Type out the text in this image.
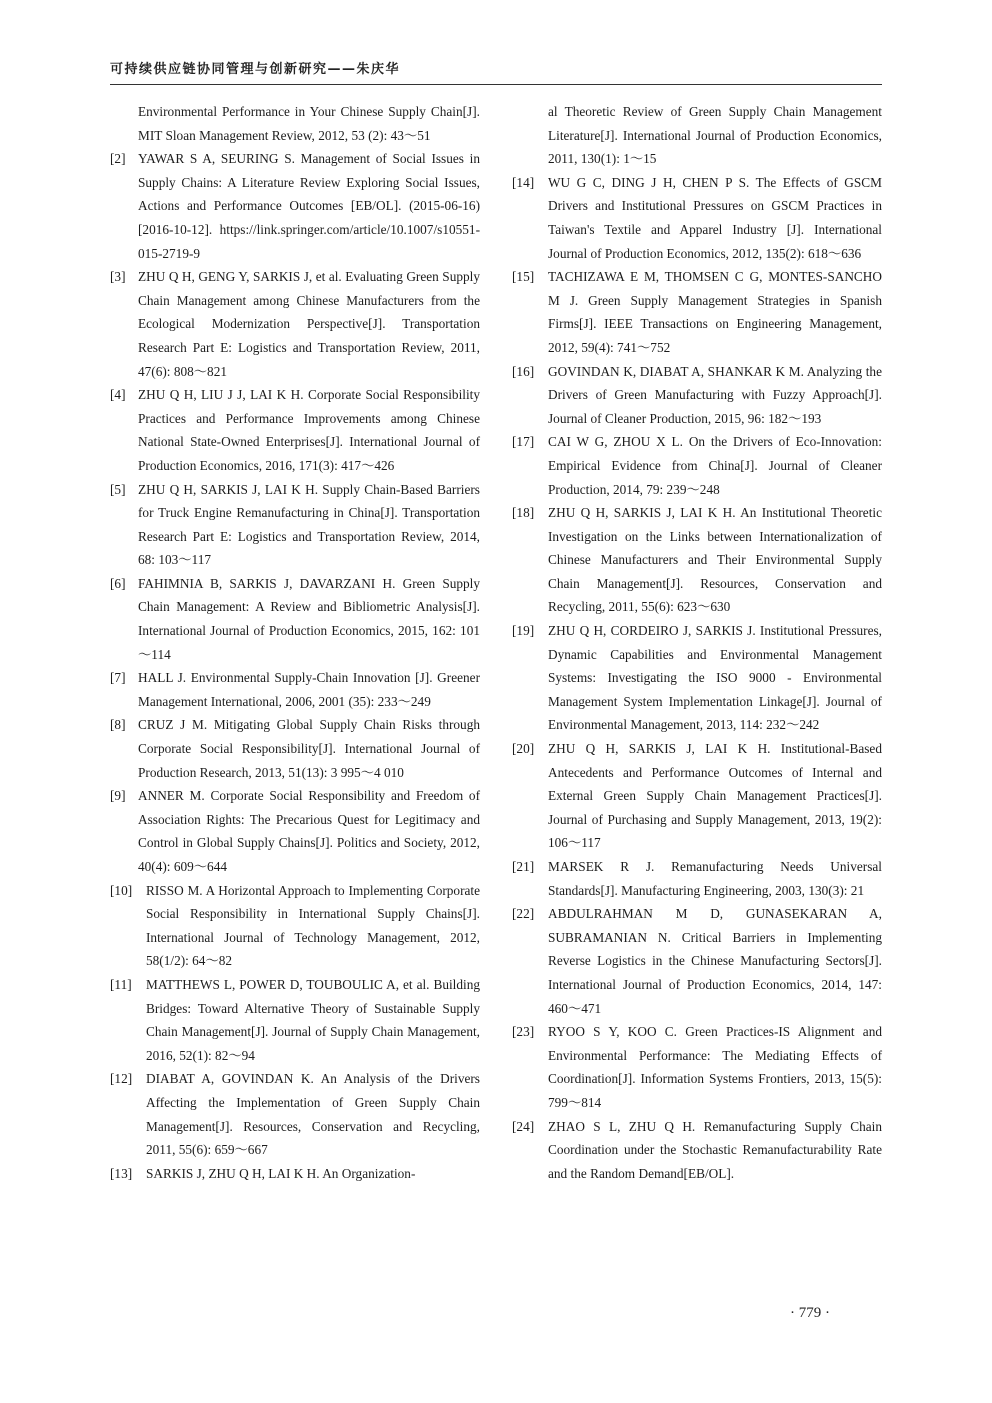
可持续供应链协同管理与创新研究——朱庆华
Environmental Performance in Your Chinese Supply Chain[J]. MIT Sloan Management Review, 2012, 53 (2): 43～51
[2] YAWAR S A, SEURING S. Management of Social Issues in Supply Chains: A Literature Review Exploring Social Issues, Actions and Performance Outcomes [EB/OL]. (2015-06-16)[2016-10-12]. https://link.springer.com/article/10.1007/s10551-015-2719-9
[3] ZHU Q H, GENG Y, SARKIS J, et al. Evaluating Green Supply Chain Management among Chinese Manufacturers from the Ecological Modernization Perspective[J]. Transportation Research Part E: Logistics and Transportation Review, 2011, 47(6): 808～821
[4] ZHU Q H, LIU J J, LAI K H. Corporate Social Responsibility Practices and Performance Improvements among Chinese National State-Owned Enterprises[J]. International Journal of Production Economics, 2016, 171(3): 417～426
[5] ZHU Q H, SARKIS J, LAI K H. Supply Chain-Based Barriers for Truck Engine Remanufacturing in China[J]. Transportation Research Part E: Logistics and Transportation Review, 2014, 68: 103～117
[6] FAHIMNIA B, SARKIS J, DAVARZANI H. Green Supply Chain Management: A Review and Bibliometric Analysis[J]. International Journal of Production Economics, 2015, 162: 101～114
[7] HALL J. Environmental Supply-Chain Innovation [J]. Greener Management International, 2006, 2001 (35): 233～249
[8] CRUZ J M. Mitigating Global Supply Chain Risks through Corporate Social Responsibility[J]. International Journal of Production Research, 2013, 51(13): 3 995～4 010
[9] ANNER M. Corporate Social Responsibility and Freedom of Association Rights: The Precarious Quest for Legitimacy and Control in Global Supply Chains[J]. Politics and Society, 2012, 40(4): 609～644
[10]	RISSO M. A Horizontal Approach to Implementing Corporate Social Responsibility in International Supply Chains[J]. International Journal of Technology Management, 2012, 58(1/2): 64～82
[11]	MATTHEWS L, POWER D, TOUBOULIC A, et al. Building Bridges: Toward Alternative Theory of Sustainable Supply Chain Management[J]. Journal of Supply Chain Management, 2016, 52(1): 82～94
[12]	DIABAT A, GOVINDAN K. An Analysis of the Drivers Affecting the Implementation of Green Supply Chain Management[J]. Resources, Conservation and Recycling, 2011, 55(6): 659～667
[13]	SARKIS J, ZHU Q H, LAI K H. An Organization-
al Theoretic Review of Green Supply Chain Management Literature[J]. International Journal of Production Economics, 2011, 130(1): 1～15
[14]	WU G C, DING J H, CHEN P S. The Effects of GSCM Drivers and Institutional Pressures on GSCM Practices in Taiwan's Textile and Apparel Industry [J]. International Journal of Production Economics, 2012, 135(2): 618～636
[15]	TACHIZAWA E M, THOMSEN C G, MONTES-SANCHO M J. Green Supply Management Strategies in Spanish Firms[J]. IEEE Transactions on Engineering Management, 2012, 59(4): 741～752
[16]	GOVINDAN K, DIABAT A, SHANKAR K M. Analyzing the Drivers of Green Manufacturing with Fuzzy Approach[J]. Journal of Cleaner Production, 2015, 96: 182～193
[17]	CAI W G, ZHOU X L. On the Drivers of Eco-Innovation: Empirical Evidence from China[J]. Journal of Cleaner Production, 2014, 79: 239～248
[18]	ZHU Q H, SARKIS J, LAI K H. An Institutional Theoretic Investigation on the Links between Internationalization of Chinese Manufacturers and Their Environmental Supply Chain Management[J]. Resources, Conservation and Recycling, 2011, 55(6): 623～630
[19]	ZHU Q H, CORDEIRO J, SARKIS J. Institutional Pressures, Dynamic Capabilities and Environmental Management Systems: Investigating the ISO 9000 - Environmental Management System Implementation Linkage[J]. Journal of Environmental Management, 2013, 114: 232～242
[20]	ZHU Q H, SARKIS J, LAI K H. Institutional-Based Antecedents and Performance Outcomes of Internal and External Green Supply Chain Management Practices[J]. Journal of Purchasing and Supply Management, 2013, 19(2): 106～117
[21]	MARSEK R J. Remanufacturing Needs Universal Standards[J]. Manufacturing Engineering, 2003, 130(3): 21
[22]	ABDULRAHMAN M D, GUNASEKARAN A, SUBRAMANIAN N. Critical Barriers in Implementing Reverse Logistics in the Chinese Manufacturing Sectors[J]. International Journal of Production Economics, 2014, 147: 460～471
[23]	RYOO S Y, KOO C. Green Practices-IS Alignment and Environmental Performance: The Mediating Effects of Coordination[J]. Information Systems Frontiers, 2013, 15(5): 799～814
[24]	ZHAO S L, ZHU Q H. Remanufacturing Supply Chain Coordination under the Stochastic Remanufacturability Rate and the Random Demand[EB/OL].
· 779 ·
